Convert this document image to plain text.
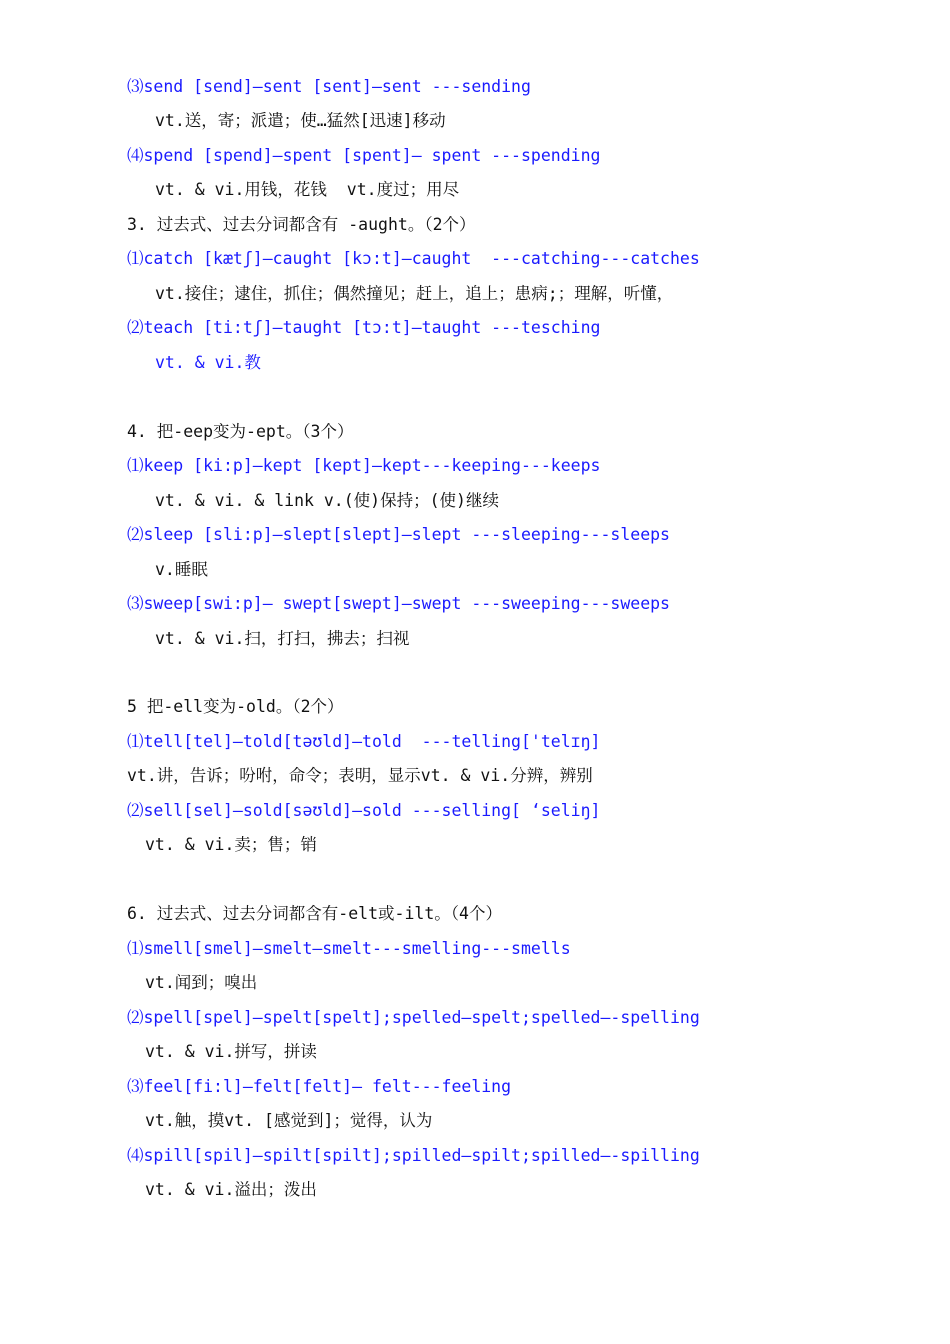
⑶send [send]—sent [sent]—sent ---sending
vt.送，寄；派遣；使…猛然[迅速]移动
⑷spend [spend]—spent [spent]— spent ---spending
vt. & vi.用钱，花钱  vt.度过；用尽
3. 过去式、过去分词都含有 -aught。（2个）
⑴catch [kætʃ]—caught [kɔ:t]—caught  ---catching---catches
vt.接住；逮住，抓住；偶然撞见；赶上，追上；患病;；理解，听懂，
⑵teach [ti:tʃ]—taught [tɔ:t]—taught ---tesching
vt. & vi.教
4. 把-eep变为-ept。（3个）
⑴keep [ki:p]—kept [kept]—kept---keeping---keeps
vt. & vi. & link v.(使)保持；(使)继续
⑵sleep [sli:p]—slept[slept]—slept ---sleeping---sleeps
v.睡眠
⑶sweep[swi:p]— swept[swept]—swept ---sweeping---sweeps
vt. & vi.扫，打扫，拂去；扫视
5 把-ell变为-old。（2个）
⑴tell[tel]—told[təʊld]—told  ---telling['telɪŋ]
vt.讲，告诉；吩咐，命令；表明，显示vt. & vi.分辨，辨别
⑵sell[sel]—sold[səʊld]—sold ---selling[ ‘seliŋ]
vt. & vi.卖；售；销
6. 过去式、过去分词都含有-elt或-ilt。（4个）
⑴smell[smel]—smelt—smelt---smelling---smells
vt.闻到；嗅出
⑵spell[spel]—spelt[spelt];spelled—spelt;spelled—-spelling
vt. & vi.拼写，拼读
⑶feel[fi:l]—felt[felt]— felt---feeling
vt.触，摸vt. [感觉到]；觉得，认为
⑷spill[spil]—spilt[spilt];spilled—spilt;spilled—-spilling
vt. & vi.溢出；泼出
